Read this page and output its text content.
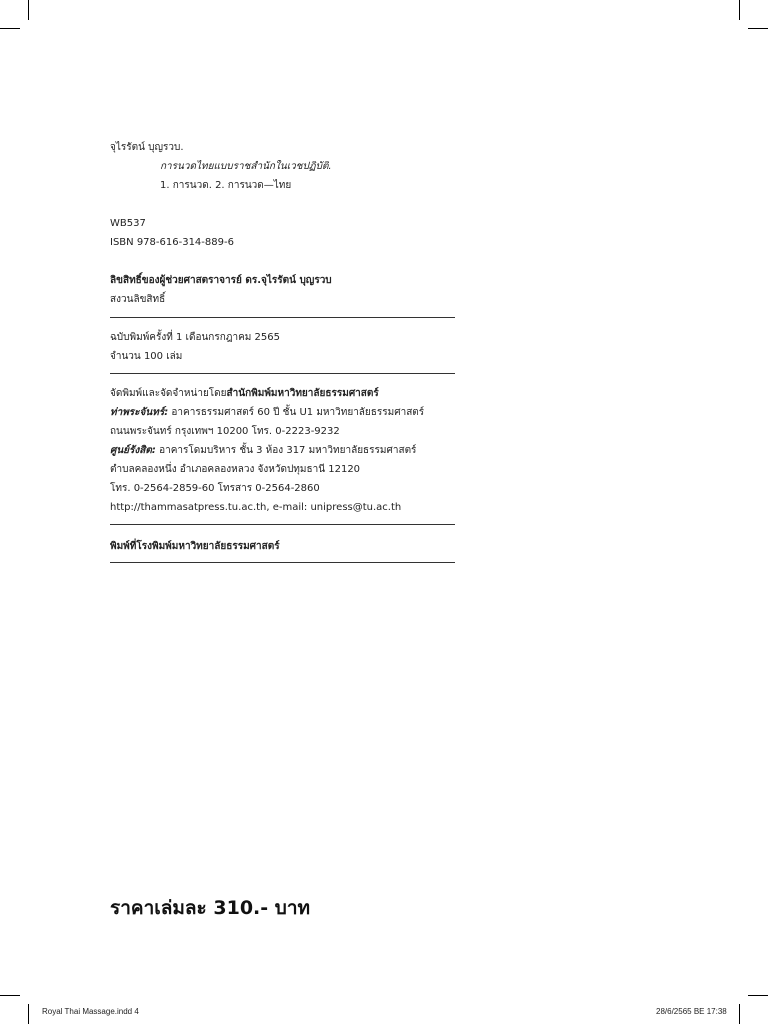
จุไรรัตน์ บุญรวบ.
การนวดไทยแบบราชสำนักในเวชปฏิบัติ.
1. การนวด. 2. การนวด—ไทย
WB537
ISBN 978-616-314-889-6
ลิขสิทธิ์ของผู้ช่วยศาสตราจารย์ ดร.จุไรรัตน์ บุญรวบ
สงวนลิขสิทธิ์
ฉบับพิมพ์ครั้งที่ 1 เดือนกรกฎาคม 2565
จำนวน 100 เล่ม
จัดพิมพ์และจัดจำหน่ายโดยสำนักพิมพ์มหาวิทยาลัยธรรมศาสตร์
ท่าพระจันทร์: อาคารธรรมศาสตร์ 60 ปี ชั้น U1 มหาวิทยาลัยธรรมศาสตร์
ถนนพระจันทร์ กรุงเทพฯ 10200 โทร. 0-2223-9232
ศูนย์รังสิต: อาคารโดมบริหาร ชั้น 3 ห้อง 317 มหาวิทยาลัยธรรมศาสตร์
ตำบลคลองหนึ่ง อำเภอคลองหลวง จังหวัดปทุมธานี 12120
โทร. 0-2564-2859-60 โทรสาร 0-2564-2860
http://thammasatpress.tu.ac.th, e-mail: unipress@tu.ac.th
พิมพ์ที่โรงพิมพ์มหาวิทยาลัยธรรมศาสตร์
ราคาเล่มละ 310.- บาท
Royal Thai Massage.indd 4	28/6/2565 BE 17:38
